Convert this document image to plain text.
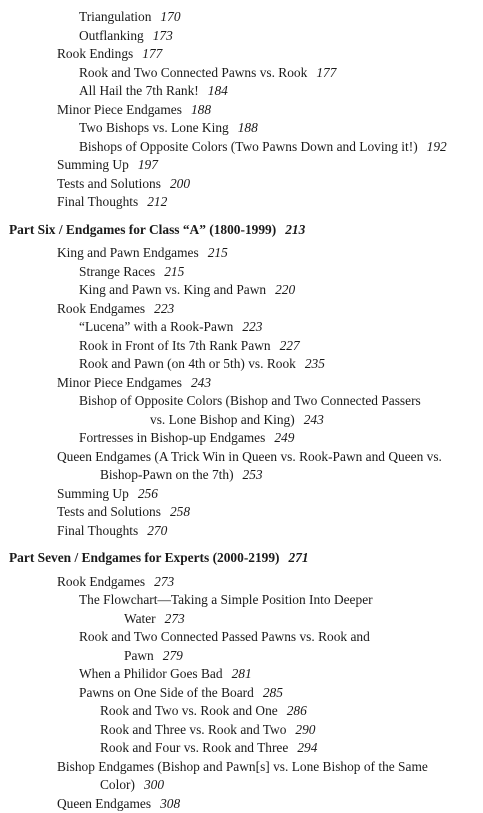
Triangulation 170
Outflanking 173
Rook Endings 177
Rook and Two Connected Pawns vs. Rook 177
All Hail the 7th Rank! 184
Minor Piece Endgames 188
Two Bishops vs. Lone King 188
Bishops of Opposite Colors (Two Pawns Down and Loving it!) 192
Summing Up 197
Tests and Solutions 200
Final Thoughts 212
Part Six / Endgames for Class “A” (1800-1999) 213
King and Pawn Endgames 215
Strange Races 215
King and Pawn vs. King and Pawn 220
Rook Endgames 223
“Lucena” with a Rook-Pawn 223
Rook in Front of Its 7th Rank Pawn 227
Rook and Pawn (on 4th or 5th) vs. Rook 235
Minor Piece Endgames 243
Bishop of Opposite Colors (Bishop and Two Connected Passers
vs. Lone Bishop and King) 243
Fortresses in Bishop-up Endgames 249
Queen Endgames (A Trick Win in Queen vs. Rook-Pawn and Queen vs.
Bishop-Pawn on the 7th) 253
Summing Up 256
Tests and Solutions 258
Final Thoughts 270
Part Seven / Endgames for Experts (2000-2199) 271
Rook Endgames 273
The Flowchart—Taking a Simple Position Into Deeper
Water 273
Rook and Two Connected Passed Pawns vs. Rook and
Pawn 279
When a Philidor Goes Bad 281
Pawns on One Side of the Board 285
Rook and Two vs. Rook and One 286
Rook and Three vs. Rook and Two 290
Rook and Four vs. Rook and Three 294
Bishop Endgames (Bishop and Pawn[s] vs. Lone Bishop of the Same
Color) 300
Queen Endgames 308
